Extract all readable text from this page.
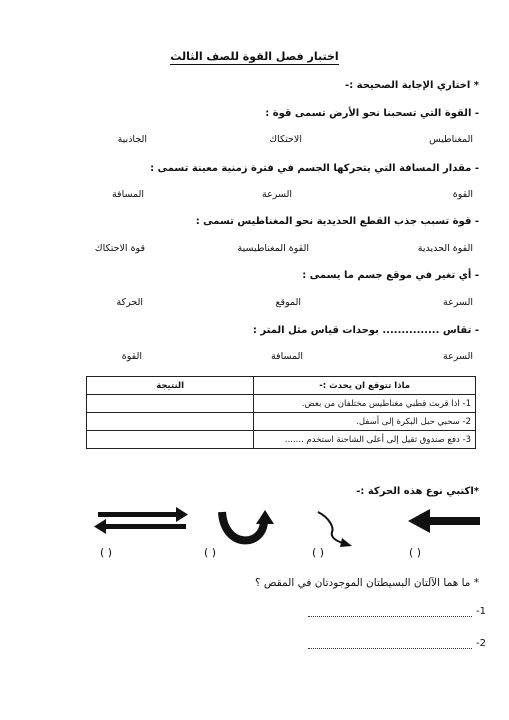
اختبار فصل القوة للصف الثالث
* اختاري الإجابة الصحيحة :-
- القوة التي تسحبنا نحو الأرض تسمى قوة :
المغناطيس
الاحتكاك
الجاذبية
- مقدار المسافة التي يتحركها الجسم في فترة زمنية معينة تسمى :
القوة
السرعة
المسافة
- قوة تسبب جذب القطع الحديدية نحو المغناطيس تسمى :
القوة الحديدية
القوة المغناطيسية
قوة الاحتكاك
- أي تغير في موقع جسم ما يسمى :
السرعة
الموقع
الحركة
- تقاس ............... بوحدات قياس مثل المتر :
السرعة
المسافة
القوة
ماذا تتوقع ان يحدث :-	النتيجة
1- اذا قربت قطبي مغناطيس مختلفان من بعض.	
2- سحبي حبل البكرة إلى أسفل.	
3- دفع صندوق ثقيل إلى أعلى الشاحنة استخدم .......	
*اكتبي نوع هذه الحركة :-
( )	( )	( )	( )
* ما هما الآلتان البسيطتان الموجودتان في المقص ؟
-1
-2
